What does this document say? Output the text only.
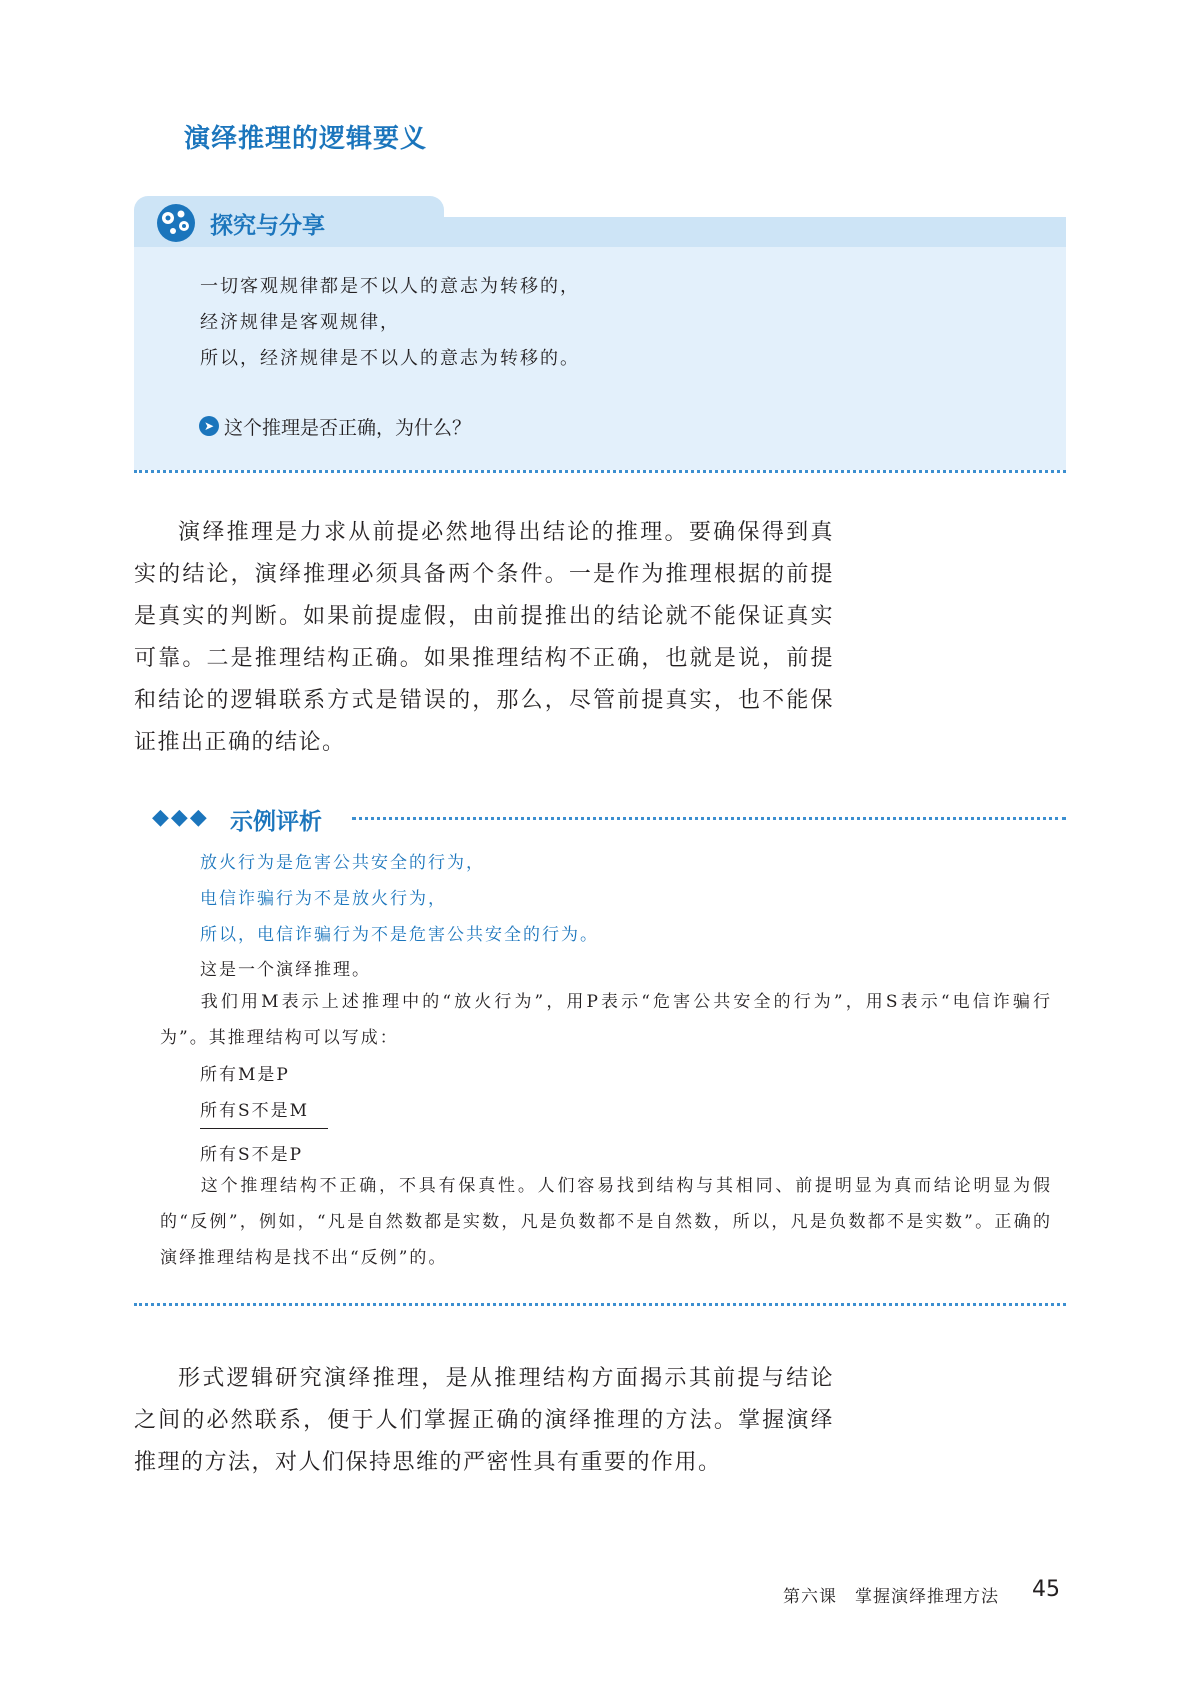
演绎推理的逻辑要义
探究与分享
一切客观规律都是不以人的意志为转移的，
经济规律是客观规律，
所以，经济规律是不以人的意志为转移的。
➤ 这个推理是否正确，为什么？

演绎推理是力求从前提必然地得出结论的推理。要确保得到真实的结论，演绎推理必须具备两个条件。一是作为推理根据的前提是真实的判断。如果前提虚假，由前提推出的结论就不能保证真实可靠。二是推理结构正确。如果推理结构不正确，也就是说，前提和结论的逻辑联系方式是错误的，那么，尽管前提真实，也不能保证推出正确的结论。

◆◆◆ 示例评析
放火行为是危害公共安全的行为，
电信诈骗行为不是放火行为，
所以，电信诈骗行为不是危害公共安全的行为。
这是一个演绎推理。

我们用M表示上述推理中的“放火行为”，用P表示“危害公共安全的行为”，用S表示“电信诈骗行为”。其推理结构可以写成：

所有M是P
所有S不是M
所有S不是P

这个推理结构不正确，不具有保真性。人们容易找到结构与其相同、前提明显为真而结论明显为假的“反例”，例如，“凡是自然数都是实数，凡是负数都不是自然数，所以，凡是负数都不是实数”。正确的演绎推理结构是找不出“反例”的。

形式逻辑研究演绎推理，是从推理结构方面揭示其前提与结论之间的必然联系，便于人们掌握正确的演绎推理的方法。掌握演绎推理的方法，对人们保持思维的严密性具有重要的作用。

第六课　掌握演绎推理方法 45
